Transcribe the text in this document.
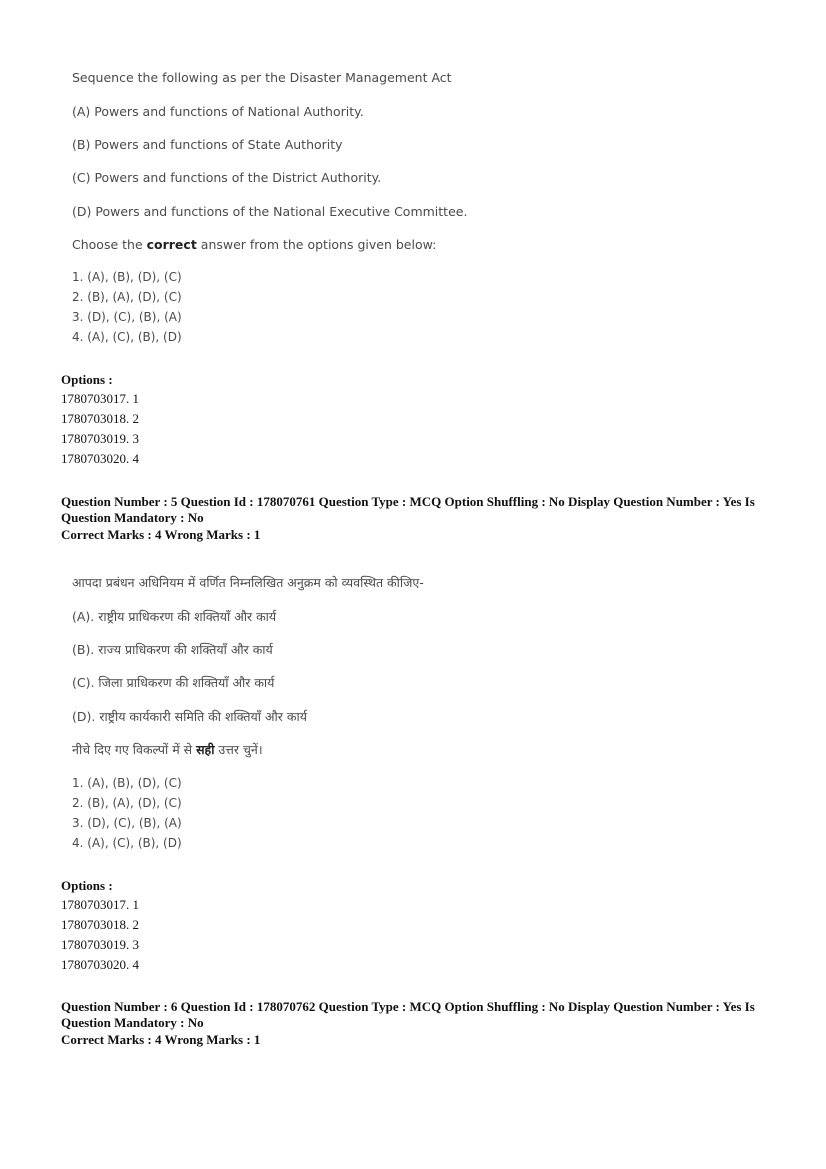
Sequence the following as per the Disaster Management Act
(A) Powers and functions of National Authority.
(B) Powers and functions of State Authority
(C) Powers and functions of the District Authority.
(D) Powers and functions of the National Executive Committee.
Choose the correct answer from the options given below:
1. (A), (B), (D), (C)
2. (B), (A), (D), (C)
3. (D), (C), (B), (A)
4. (A), (C), (B), (D)
Options :
1780703017. 1
1780703018. 2
1780703019. 3
1780703020. 4
Question Number : 5 Question Id : 178070761 Question Type : MCQ Option Shuffling : No Display Question Number : Yes Is
Question Mandatory : No
Correct Marks : 4 Wrong Marks : 1
आपदा प्रबंधन अधिनियम में वर्णित निम्नलिखित अनुक्रम को व्यवस्थित कीजिए-
(A). राष्ट्रीय प्राधिकरण की शक्तियाँ और कार्य
(B). राज्य प्राधिकरण की शक्तियाँ और कार्य
(C). जिला प्राधिकरण की शक्तियाँ और कार्य
(D). राष्ट्रीय कार्यकारी समिति की शक्तियाँ और कार्य
नीचे दिए गए विकल्पों में से सही उत्तर चुनें।
1. (A), (B), (D), (C)
2. (B), (A), (D), (C)
3. (D), (C), (B), (A)
4. (A), (C), (B), (D)
Options :
1780703017. 1
1780703018. 2
1780703019. 3
1780703020. 4
Question Number : 6 Question Id : 178070762 Question Type : MCQ Option Shuffling : No Display Question Number : Yes Is
Question Mandatory : No
Correct Marks : 4 Wrong Marks : 1
